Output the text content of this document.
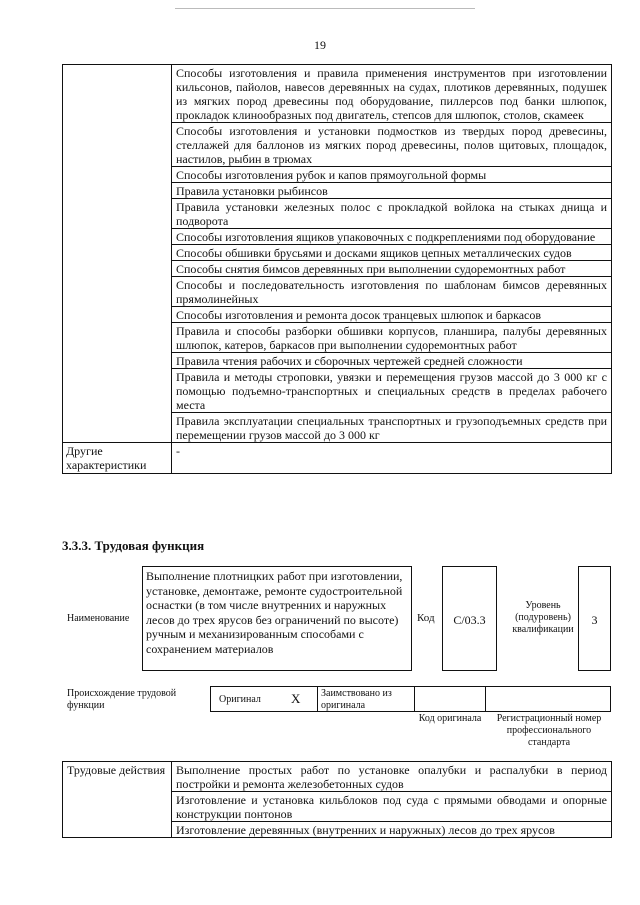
19
	Способы изготовления и правила применения инструментов при изготовлении кильсонов, пайолов, навесов деревянных на судах, плотиков деревянных, подушек из мягких пород древесины под оборудование, пиллерсов под банки шлюпок, прокладок клинообразных под двигатель, степсов для шлюпок, столов, скамеек
	Способы изготовления и установки подмостков из твердых пород древесины, стеллажей для баллонов из мягких пород древесины, полов щитовых, площадок, настилов, рыбин в трюмах
	Способы изготовления рубок и капов прямоугольной формы
	Правила установки рыбинсов
	Правила установки железных полос с прокладкой войлока на стыках днища и подворота
	Способы изготовления ящиков упаковочных с подкреплениями под оборудование
	Способы обшивки брусьями и досками ящиков цепных металлических судов
	Способы снятия бимсов деревянных при выполнении судоремонтных работ
	Способы и последовательность изготовления по шаблонам бимсов деревянных прямолинейных
	Способы изготовления и ремонта досок транцевых шлюпок и баркасов
	Правила и способы разборки обшивки корпусов, планшира, палубы деревянных шлюпок, катеров, баркасов при выполнении судоремонтных работ
	Правила чтения рабочих и сборочных чертежей средней сложности
	Правила и методы строповки, увязки и перемещения грузов массой до 3 000 кг с помощью подъемно-транспортных и специальных средств в пределах рабочего места
	Правила эксплуатации специальных транспортных и грузоподъемных средств при перемещении грузов массой до 3 000 кг
Другие характеристики	-
3.3.3. Трудовая функция
Наименование
Выполнение плотницких работ при изготовлении, установке, демонтаже, ремонте судостроительной оснастки (в том числе внутренних и наружных лесов до трех ярусов без ограничений по высоте) ручным и механизированным способами с сохранением материалов
Код	С/03.3
Уровень (подуровень) квалификации
3
Происхождение трудовой функции
Оригинал Х	Заимствовано из оригинала
Код оригинала	Регистрационный номер профессионального стандарта
Трудовые действия	Выполнение простых работ по установке опалубки и распалубки в период постройки и ремонта железобетонных судов
Изготовление и установка кильблоков под суда с прямыми обводами и опорные конструкции понтонов
Изготовление деревянных (внутренних и наружных) лесов до трех ярусов
